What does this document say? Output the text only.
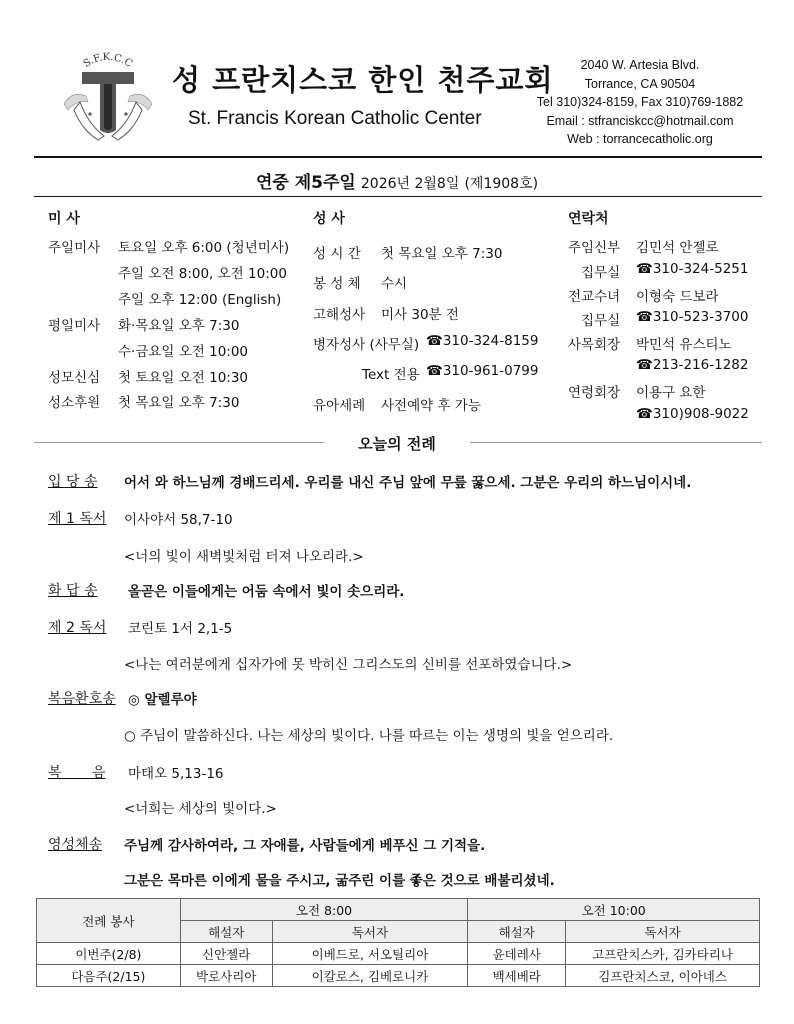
S.F.K.C.C 성 프란치스코 한인 천주교회
St. Francis Korean Catholic Center
2040 W. Artesia Blvd.
Torrance, CA 90504
Tel 310)324-8159, Fax 310)769-1882
Email : stfranciskcc@hotmail.com
Web : torrancecatholic.org
연중 제5주일 2026년 2월8일 (제1908호)
미 사
주일미사 토요일 오후 6:00 (청년미사)
주일 오전 8:00, 오전 10:00
주일 오후 12:00 (English)
평일미사 화·목요일 오후 7:30
수·금요일 오전 10:00
성모신심 첫 토요일 오전 10:30
성소후원 첫 목요일 오후 7:30
성 사
성 시 간 첫 목요일 오후 7:30
봉 성 체 수시
고해성사 미사 30분 전
병자성사 (사무실) ☎310-324-8159
Text 전용 ☎310-961-0799
유아세례 사전예약 후 가능
연락처
주임신부 김민석 안젤로
집무실 ☎310-324-5251
전교수녀 이형숙 드보라
집무실 ☎310-523-3700
사목회장 박민석 유스티노
☎213-216-1282
연령회장 이용구 요한
☎310)908-9022
오늘의 전례
입 당 송 어서 와 하느님께 경배드리세. 우리를 내신 주님 앞에 무릎 꿇으세. 그분은 우리의 하느님이시네.
제 1 독서 이사야서 58,7-10
<너의 빛이 새벽빛처럼 터져 나오리라.>
화 답 송 올곧은 이들에게는 어둠 속에서 빛이 솟으리라.
제 2 독서 코린토 1서 2,1-5
<나는 여러분에게 십자가에 못 박히신 그리스도의 신비를 선포하였습니다.>
복음환호송 ◎ 알렐루야
○ 주님이 말씀하신다. 나는 세상의 빛이다. 나를 따르는 이는 생명의 빛을 얻으리라.
복 음 마태오 5,13-16
<너희는 세상의 빛이다.>
영성체송 주님께 감사하여라, 그 자애를, 사람들에게 베푸신 그 기적을.
그분은 목마른 이에게 물을 주시고, 굶주린 이를 좋은 것으로 배불리셨네.
전례 봉사	오전 8:00		오전 10:00	
	해설자	독서자	해설자	독서자
이번주(2/8)	신안젤라	이베드로, 서오틸리아	윤데레사	고프란치스카, 김카타리나
다음주(2/15)	박로사리아	이칼로스, 김베로니카	백세베라	김프란치스코, 이아네스
